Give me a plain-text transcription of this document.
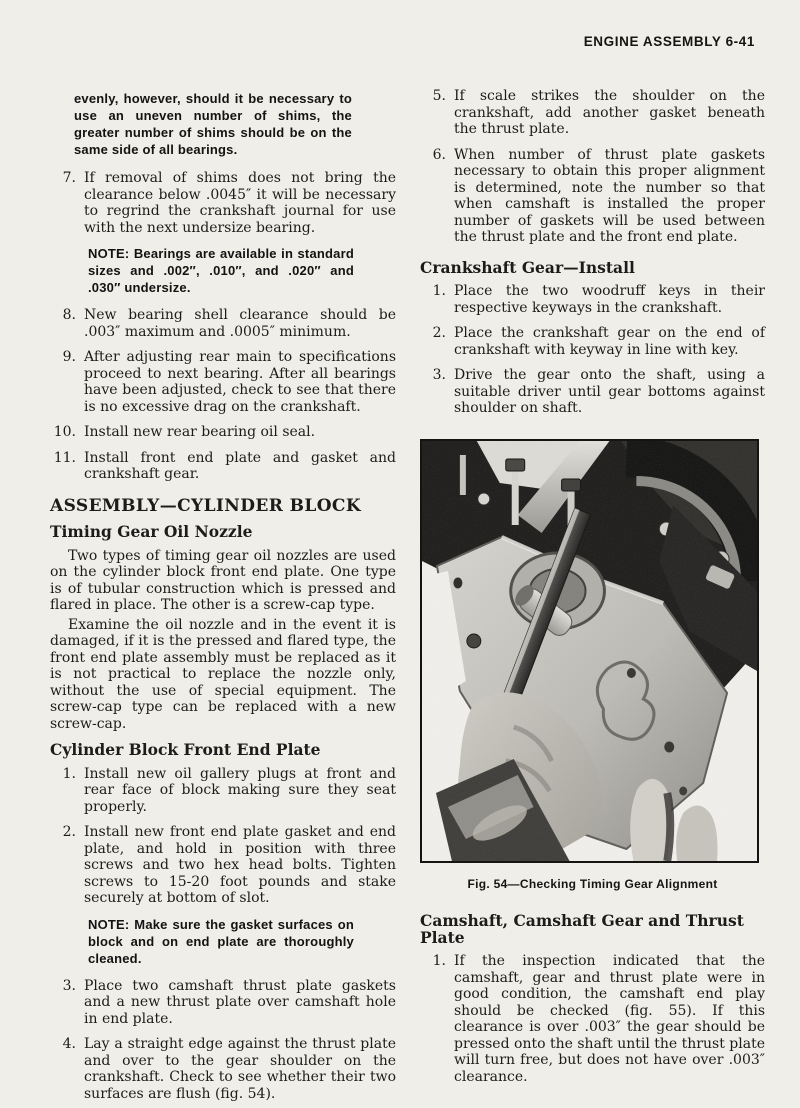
ENGINE ASSEMBLY 6-41
evenly, however, should it be necessary to use an uneven number of shims, the greater number of shims should be on the same side of all bearings.
7. If removal of shims does not bring the clearance below .0045″ it will be necessary to regrind the crankshaft journal for use with the next undersize bearing.
NOTE: Bearings are available in standard sizes and .002″, .010″, and .020″ and .030″ undersize.
8. New bearing shell clearance should be .003″ maximum and .0005″ minimum.
9. After adjusting rear main to specifications proceed to next bearing. After all bearings have been adjusted, check to see that there is no excessive drag on the crankshaft.
10. Install new rear bearing oil seal.
11. Install front end plate and gasket and crankshaft gear.
ASSEMBLY—CYLINDER BLOCK
Timing Gear Oil Nozzle

Two types of timing gear oil nozzles are used on the cylinder block front end plate. One type is of tubular construction which is pressed and flared in place. The other is a screw-cap type.

Examine the oil nozzle and in the event it is damaged, if it is the pressed and flared type, the front end plate assembly must be replaced as it is not practical to replace the nozzle only, without the use of special equipment. The screw-cap type can be replaced with a new screw-cap.

Cylinder Block Front End Plate
1. Install new oil gallery plugs at front and rear face of block making sure they seat properly.
2. Install new front end plate gasket and end plate, and hold in position with three screws and two hex head bolts. Tighten screws to 15-20 foot pounds and stake securely at bottom of slot.
NOTE: Make sure the gasket surfaces on block and on end plate are thoroughly cleaned.
3. Place two camshaft thrust plate gaskets and a new thrust plate over camshaft hole in end plate.
4. Lay a straight edge against the thrust plate and over to the gear shoulder on the crankshaft. Check to see whether their two surfaces are flush (fig. 54).
5. If scale strikes the shoulder on the crankshaft, add another gasket beneath the thrust plate.
6. When number of thrust plate gaskets necessary to obtain this proper alignment is determined, note the number so that when camshaft is installed the proper number of gaskets will be used between the thrust plate and the front end plate.
Crankshaft Gear—Install
1. Place the two woodruff keys in their respective keyways in the crankshaft.
2. Place the crankshaft gear on the end of crankshaft with keyway in line with key.
3. Drive the gear onto the shaft, using a suitable driver until gear bottoms against shoulder on shaft.
Fig. 54—Checking Timing Gear Alignment
Camshaft, Camshaft Gear and Thrust Plate
1. If the inspection indicated that the camshaft, gear and thrust plate were in good condition, the camshaft end play should be checked (fig. 55). If this clearance is over .003″ the gear should be pressed onto the shaft until the thrust plate will turn free, but does not have over .003″ clearance.
